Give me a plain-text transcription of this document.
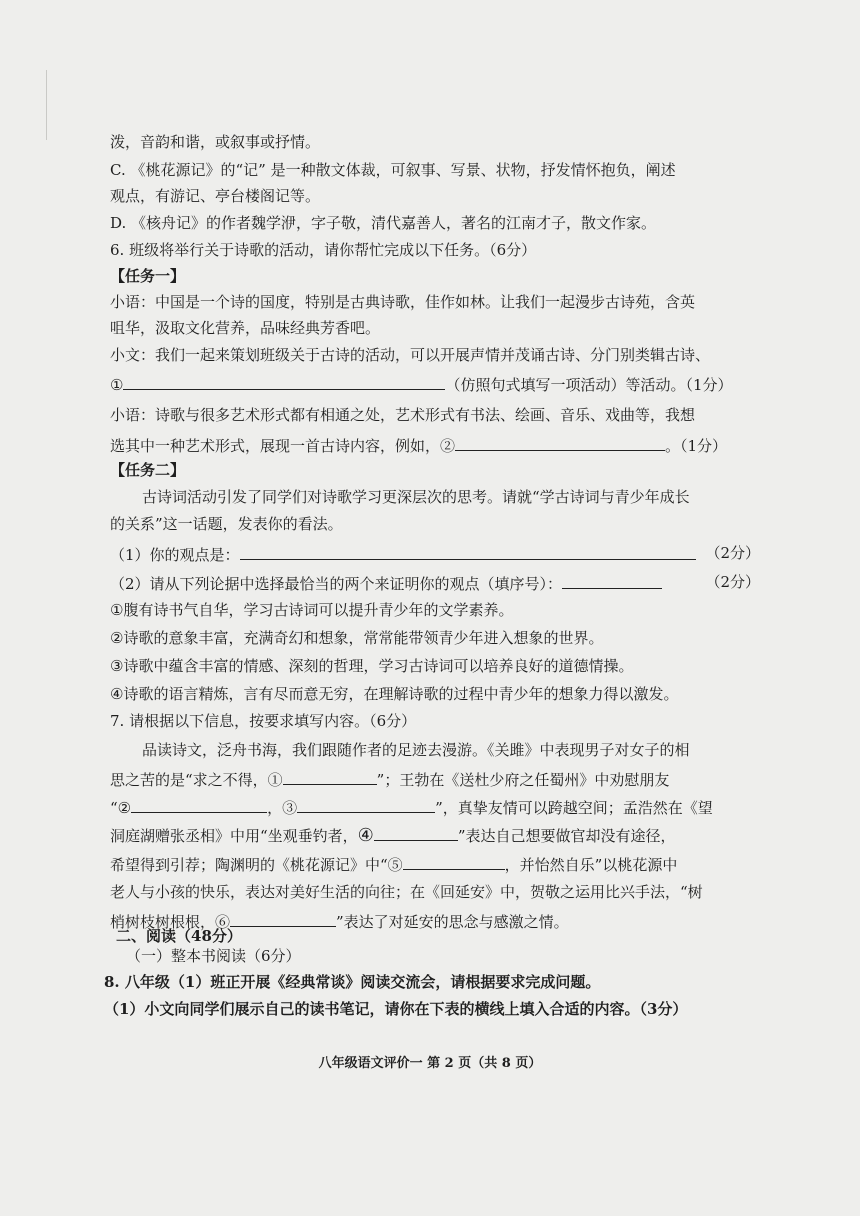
泼，音韵和谐，或叙事或抒情。
C. 《桃花源记》的“记” 是一种散文体裁，可叙事、写景、状物，抒发情怀抱负，阐述
观点，有游记、亭台楼阁记等。
D. 《核舟记》的作者魏学洢，字子敬，清代嘉善人，著名的江南才子，散文作家。
6. 班级将举行关于诗歌的活动，请你帮忙完成以下任务。（6分）
【任务一】
小语：中国是一个诗的国度，特别是古典诗歌，佳作如林。让我们一起漫步古诗苑，含英
咀华，汲取文化营养，品味经典芳香吧。
小文：我们一起来策划班级关于古诗的活动，可以开展声情并茂诵古诗、分门别类辑古诗、
①	（仿照句式填写一项活动）等活动。（1分）
小语：诗歌与很多艺术形式都有相通之处，艺术形式有书法、绘画、音乐、戏曲等，我想
选其中一种艺术形式，展现一首古诗内容，例如，②	。（1分）
【任务二】
古诗词活动引发了同学们对诗歌学习更深层次的思考。请就“学古诗词与青少年成长
的关系”这一话题，发表你的看法。
（1）你的观点是：	（2分）
（2）请从下列论据中选择最恰当的两个来证明你的观点（填序号）：	（2分）
①腹有诗书气自华，学习古诗词可以提升青少年的文学素养。
②诗歌的意象丰富，充满奇幻和想象，常常能带领青少年进入想象的世界。
③诗歌中蕴含丰富的情感、深刻的哲理，学习古诗词可以培养良好的道德情操。
④诗歌的语言精炼，言有尽而意无穷，在理解诗歌的过程中青少年的想象力得以激发。
7. 请根据以下信息，按要求填写内容。（6分）
品读诗文，泛舟书海，我们跟随作者的足迹去漫游。《关雎》中表现男子对女子的相
思之苦的是“求之不得，①	”；王勃在《送杜少府之任蜀州》中劝慰朋友
“②	，③	”，真挚友情可以跨越空间；孟浩然在《望
洞庭湖赠张丞相》中用“坐观垂钓者，④	”表达自己想要做官却没有途径，
希望得到引荐；陶渊明的《桃花源记》中“⑤	，并怡然自乐”以桃花源中
老人与小孩的快乐，表达对美好生活的向往；在《回延安》中，贺敬之运用比兴手法，“树
梢树枝树根根，⑥	”表达了对延安的思念与感激之情。
二、阅读（48分）
（一）整本书阅读（6分）
8. 八年级（1）班正开展《经典常谈》阅读交流会，请根据要求完成问题。
（1）小文向同学们展示自己的读书笔记，请你在下表的横线上填入合适的内容。（3分）
八年级语文评价一 第 2 页（共 8 页）
